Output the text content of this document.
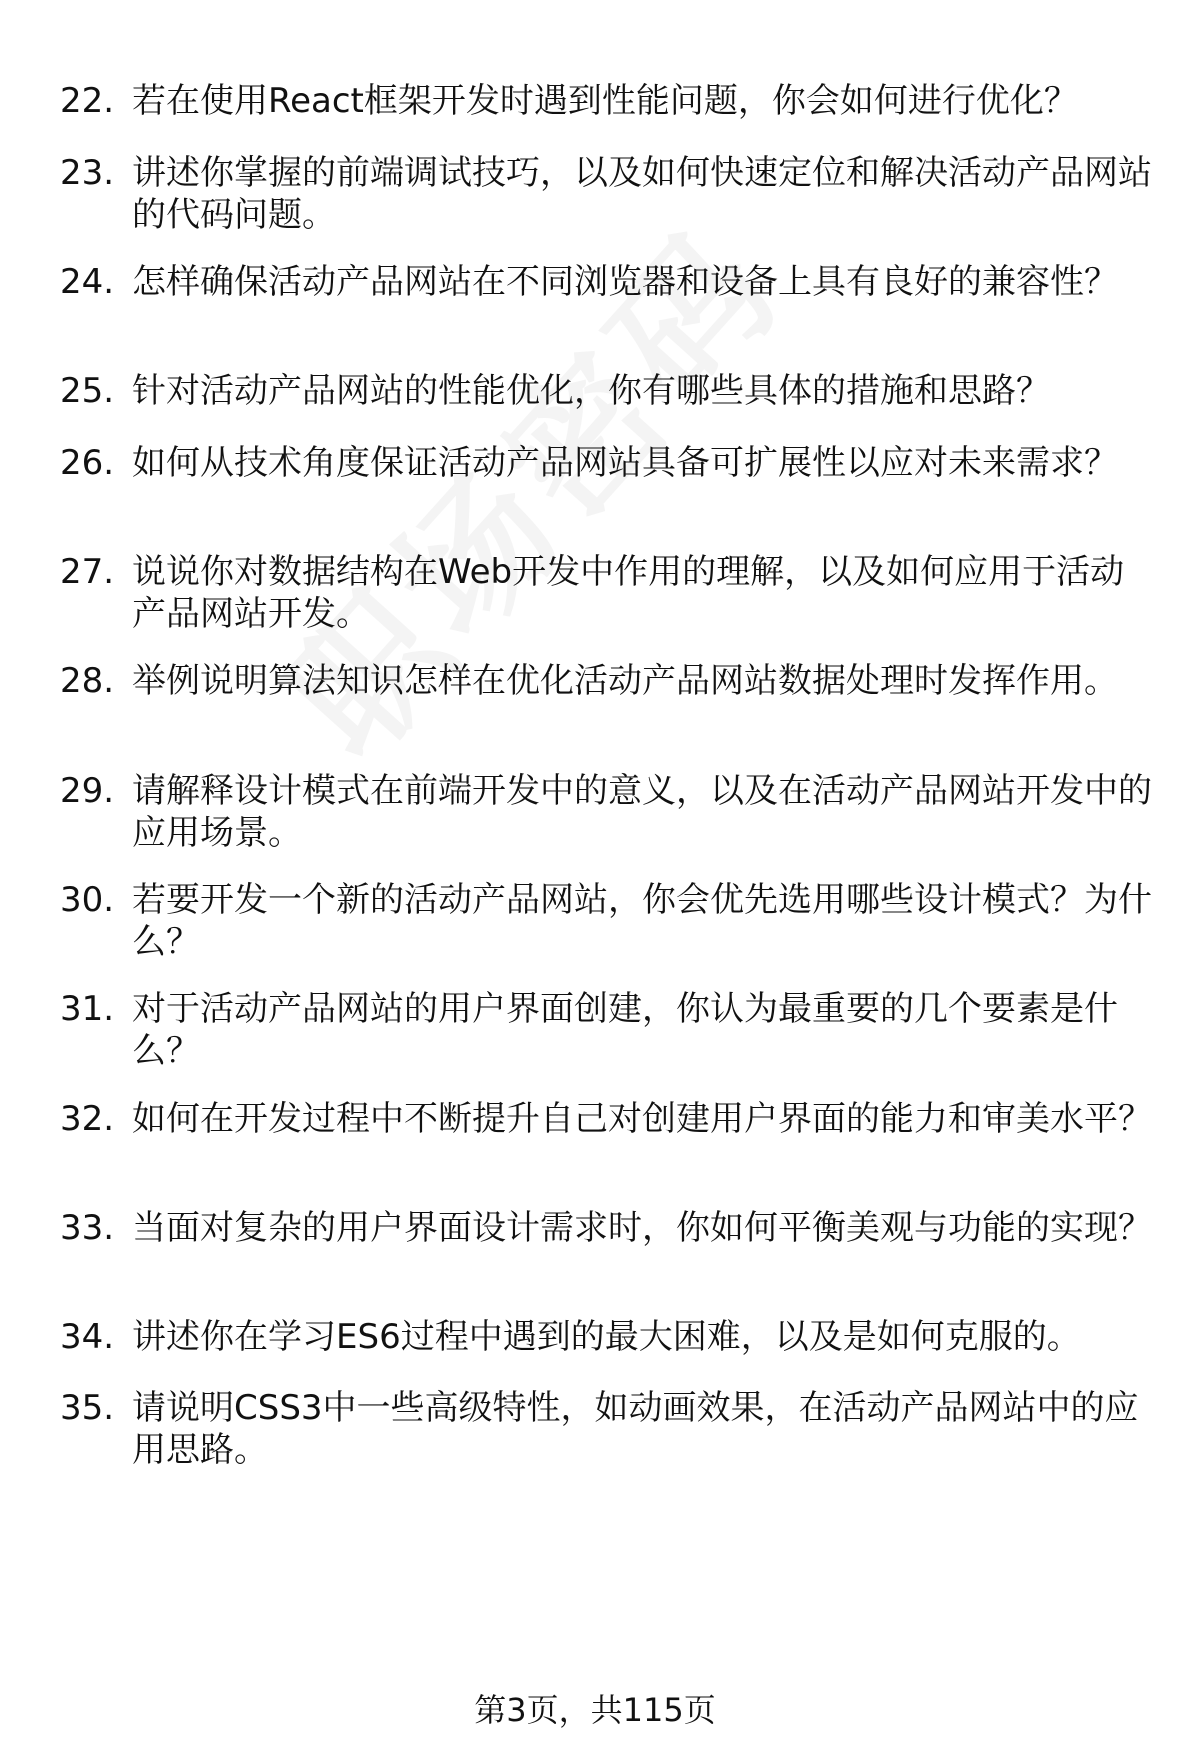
22. 若在使用React框架开发时遇到性能问题，你会如何进行优化？
23. 讲述你掌握的前端调试技巧，以及如何快速定位和解决活动产品网站的代码问题。
24. 怎样确保活动产品网站在不同浏览器和设备上具有良好的兼容性？
25. 针对活动产品网站的性能优化，你有哪些具体的措施和思路？
26. 如何从技术角度保证活动产品网站具备可扩展性以应对未来需求？
27. 说说你对数据结构在Web开发中作用的理解，以及如何应用于活动产品网站开发。
28. 举例说明算法知识怎样在优化活动产品网站数据处理时发挥作用。
29. 请解释设计模式在前端开发中的意义，以及在活动产品网站开发中的应用场景。
30. 若要开发一个新的活动产品网站，你会优先选用哪些设计模式？为什么？
31. 对于活动产品网站的用户界面创建，你认为最重要的几个要素是什么？
32. 如何在开发过程中不断提升自己对创建用户界面的能力和审美水平？
33. 当面对复杂的用户界面设计需求时，你如何平衡美观与功能的实现？
34. 讲述你在学习ES6过程中遇到的最大困难，以及是如何克服的。
35. 请说明CSS3中一些高级特性，如动画效果，在活动产品网站中的应用思路。
第3页，共115页
